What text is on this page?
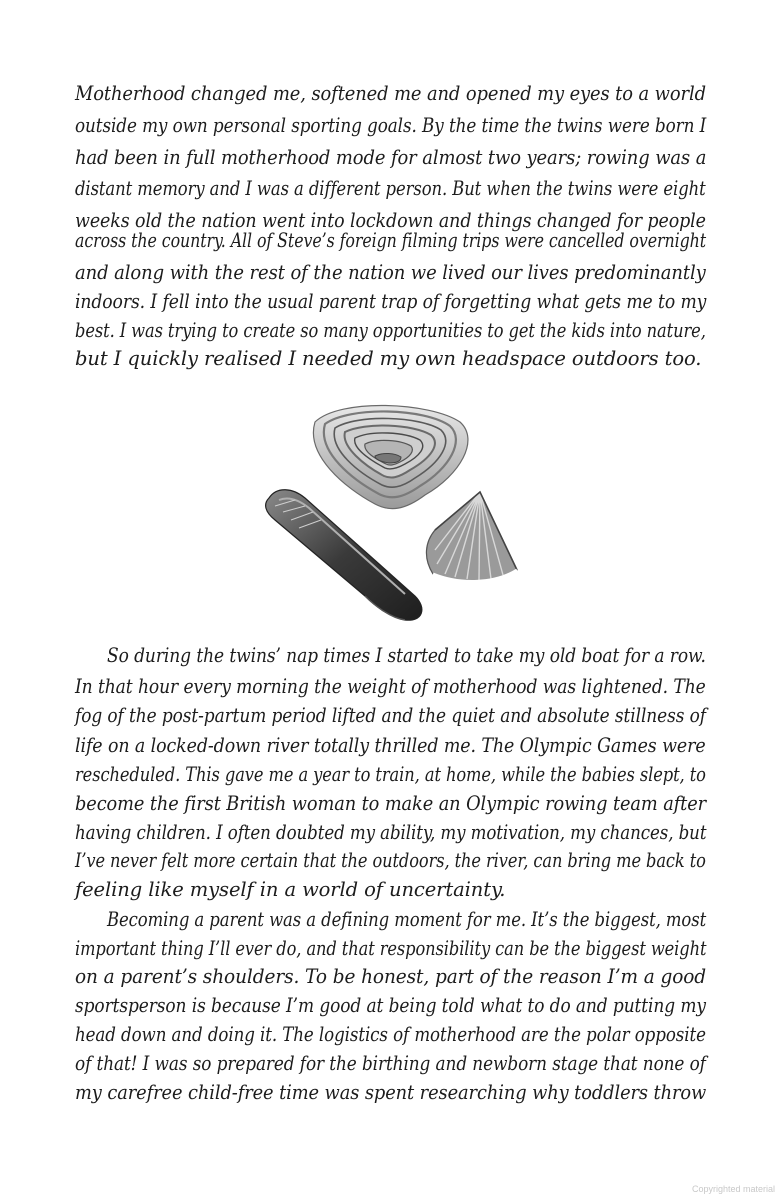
Motherhood changed me, softened me and opened my eyes to a world
outside my own personal sporting goals. By the time the twins were born I
had been in full motherhood mode for almost two years; rowing was a
distant memory and I was a different person. But when the twins were eight
weeks old the nation went into lockdown and things changed for people
across the country. All of Steve’s foreign filming trips were cancelled overnight
and along with the rest of the nation we lived our lives predominantly
indoors. I fell into the usual parent trap of forgetting what gets me to my
best. I was trying to create so many opportunities to get the kids into nature,
but I quickly realised I needed my own headspace outdoors too.
So during the twins’ nap times I started to take my old boat for a row.
In that hour every morning the weight of motherhood was lightened. The
fog of the post-partum period lifted and the quiet and absolute stillness of
life on a locked-down river totally thrilled me. The Olympic Games were
rescheduled. This gave me a year to train, at home, while the babies slept, to
become the first British woman to make an Olympic rowing team after
having children. I often doubted my ability, my motivation, my chances, but
I’ve never felt more certain that the outdoors, the river, can bring me back to
feeling like myself in a world of uncertainty.
Becoming a parent was a defining moment for me. It’s the biggest, most
important thing I’ll ever do, and that responsibility can be the biggest weight
on a parent’s shoulders. To be honest, part of the reason I’m a good
sportsperson is because I’m good at being told what to do and putting my
head down and doing it. The logistics of motherhood are the polar opposite
of that! I was so prepared for the birthing and newborn stage that none of
my carefree child-free time was spent researching why toddlers throw
Copyrighted material
